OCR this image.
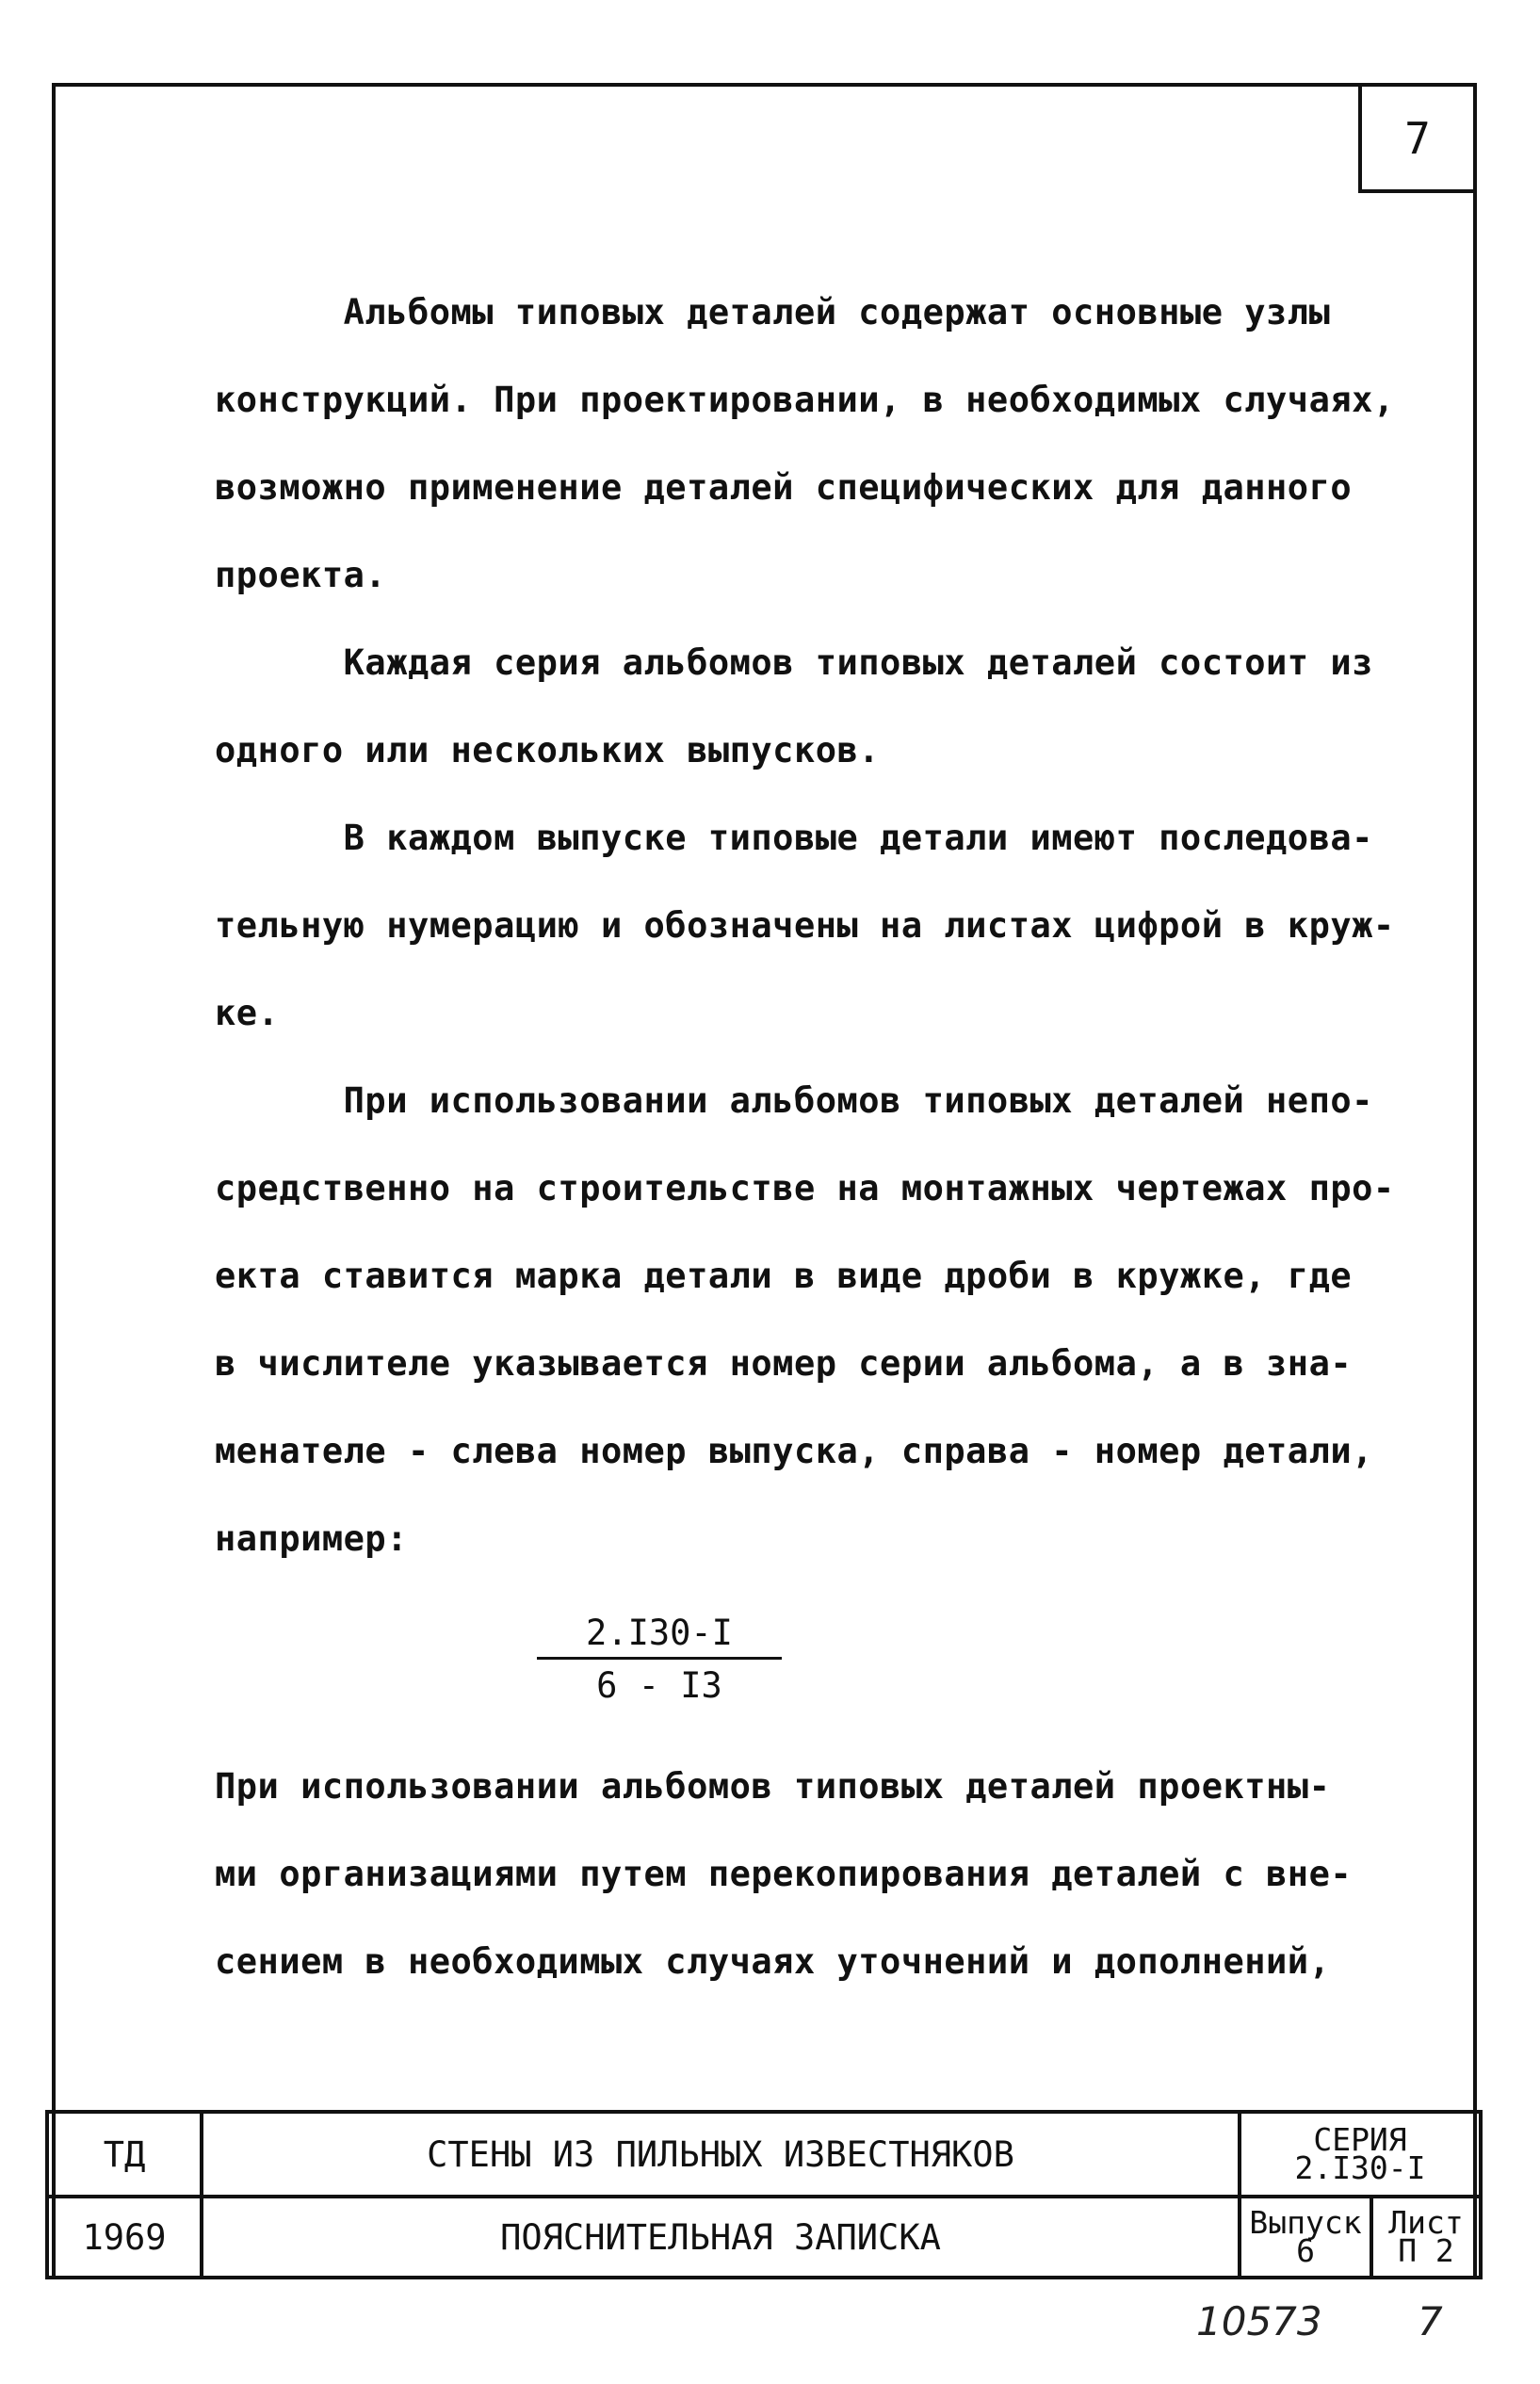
7
Альбомы типовых деталей содержат основные узлы
конструкций. При проектировании, в необходимых случаях,
возможно применение деталей специфических для данного
проекта.
Каждая серия альбомов типовых деталей состоит из
одного или нескольких выпусков.
В каждом выпуске типовые детали имеют последова-
тельную нумерацию и обозначены на листах цифрой в круж-
ке.
При использовании альбомов типовых деталей непо-
средственно на строительстве на монтажных чертежах про-
екта ставится марка детали в виде дроби в кружке, где
в числителе указывается номер серии альбома, а в зна-
менателе - слева номер выпуска, справа - номер детали,
например:
При использовании альбомов типовых деталей проектны-
ми организациями путем перекопирования деталей с вне-
сением в необходимых случаях уточнений и дополнений,
$\frac{2.I30-I}{6 - I3}$
ТД
1969
СТЕНЫ ИЗ ПИЛЬНЫХ ИЗВЕСТНЯКОВ
ПОЯСНИТЕЛЬНАЯ ЗАПИСКА
СЕРИЯ
2.I30-I
Выпуск
6
Лист
П 2
10573 7
